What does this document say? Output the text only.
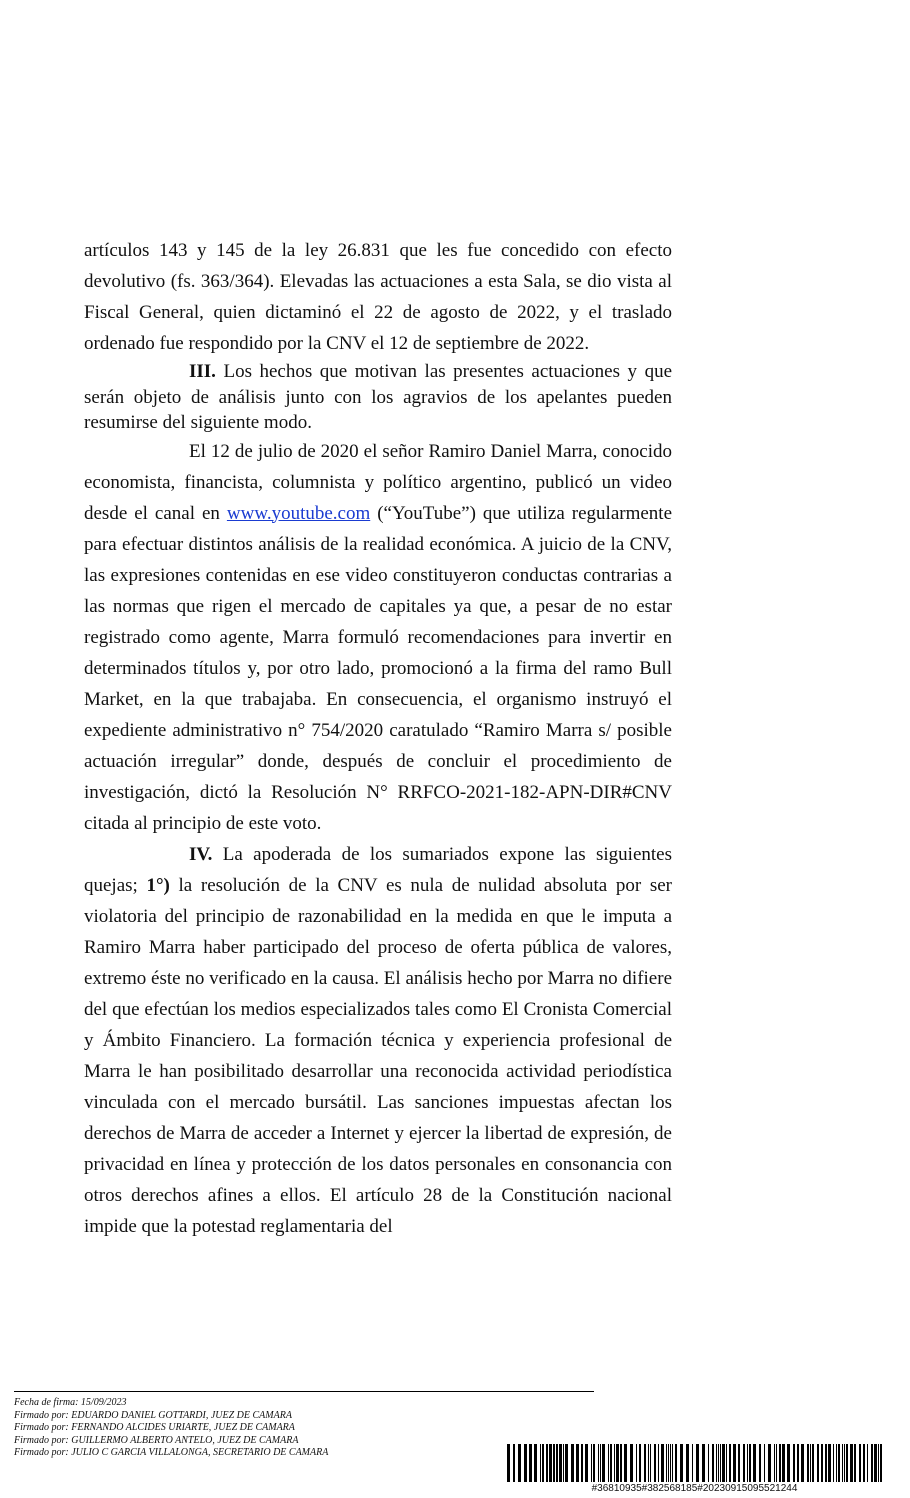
artículos 143 y 145 de la ley 26.831 que les fue concedido con efecto devolutivo (fs. 363/364). Elevadas las actuaciones a esta Sala, se dio vista al Fiscal General, quien dictaminó el 22 de agosto de 2022, y el traslado ordenado fue respondido por la CNV el 12 de septiembre de 2022.

III. Los hechos que motivan las presentes actuaciones y que serán objeto de análisis junto con los agravios de los apelantes pueden resumirse del siguiente modo.

El 12 de julio de 2020 el señor Ramiro Daniel Marra, conocido economista, financista, columnista y político argentino, publicó un video desde el canal en www.youtube.com (“YouTube”) que utiliza regularmente para efectuar distintos análisis de la realidad económica. A juicio de la CNV, las expresiones contenidas en ese video constituyeron conductas contrarias a las normas que rigen el mercado de capitales ya que, a pesar de no estar registrado como agente, Marra formuló recomendaciones para invertir en determinados títulos y, por otro lado, promocionó a la firma del ramo Bull Market, en la que trabajaba. En consecuencia, el organismo instruyó el expediente administrativo n° 754/2020 caratulado “Ramiro Marra s/ posible actuación irregular” donde, después de concluir el procedimiento de investigación, dictó la Resolución N° RRFCO-2021-182-APN-DIR#CNV citada al principio de este voto.

IV. La apoderada de los sumariados expone las siguientes quejas; 1°) la resolución de la CNV es nula de nulidad absoluta por ser violatoria del principio de razonabilidad en la medida en que le imputa a Ramiro Marra haber participado del proceso de oferta pública de valores, extremo éste no verificado en la causa. El análisis hecho por Marra no difiere del que efectúan los medios especializados tales como El Cronista Comercial y Ámbito Financiero. La formación técnica y experiencia profesional de Marra le han posibilitado desarrollar una reconocida actividad periodística vinculada con el mercado bursátil. Las sanciones impuestas afectan los derechos de Marra de acceder a Internet y ejercer la libertad de expresión, de privacidad en línea y protección de los datos personales en consonancia con otros derechos afines a ellos. El artículo 28 de la Constitución nacional impide que la potestad reglamentaria del

Fecha de firma: 15/09/2023
Firmado por: EDUARDO DANIEL GOTTARDI, JUEZ DE CAMARA
Firmado por: FERNANDO ALCIDES URIARTE, JUEZ DE CAMARA
Firmado por: GUILLERMO ALBERTO ANTELO, JUEZ DE CAMARA
Firmado por: JULIO C GARCIA VILLALONGA, SECRETARIO DE CAMARA
#36810935#382568185#20230915095521244
